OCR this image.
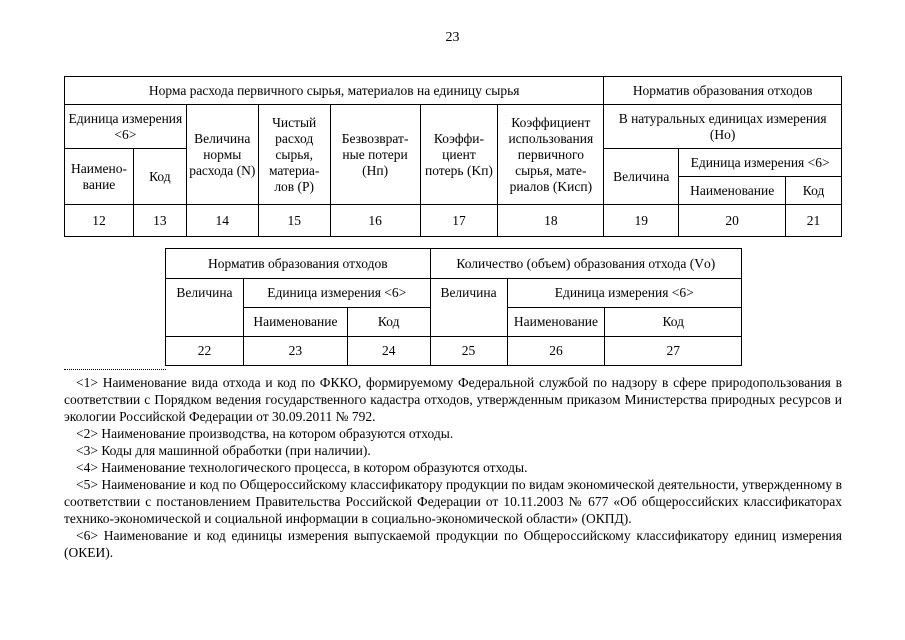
23
Норма расхода первичного сырья, материалов на единицу сырья							Норматив образования отходов		
Единица измерения <6>		Величина нормы расхода (N)	Чистый расход сырья, материа-лов (P)	Безвозврат-ные потери (Hп)	Коэффи-циент потерь (Kп)	Коэффициент использования первичного сырья, мате-риалов (Kисп)	В натуральных единицах измерения (Hо)		
Наимено-вание	Код						Величина	Единица измерения <6>	
								Наименование	Код
12	13	14	15	16	17	18	19	20	21
Норматив образования отходов			Количество (объем) образования отхода (Vо)		
Величина	Единица измерения <6>		Величина	Единица измерения <6>	
	Наименование	Код		Наименование	Код
22	23	24	25	26	27

<1> Наименование вида отхода и код по ФККО, формируемому Федеральной службой по надзору в сфере природопользования в соответствии с Порядком ведения государственного кадастра отходов, утвержденным приказом Министерства природных ресурсов и экологии Российской Федерации от 30.09.2011 № 792.

<2> Наименование производства, на котором образуются отходы.

<3> Коды для машинной обработки (при наличии).

<4> Наименование технологического процесса, в котором образуются отходы.

<5> Наименование и код по Общероссийскому классификатору продукции по видам экономической деятельности, утвержденному в соответствии с постановлением Правительства Российской Федерации от 10.11.2003 № 677 «Об общероссийских классификаторах технико-экономической и социальной информации в социально-экономической области» (ОКПД).

<6> Наименование и код единицы измерения выпускаемой продукции по Общероссийскому классификатору единиц измерения (ОКЕИ).
